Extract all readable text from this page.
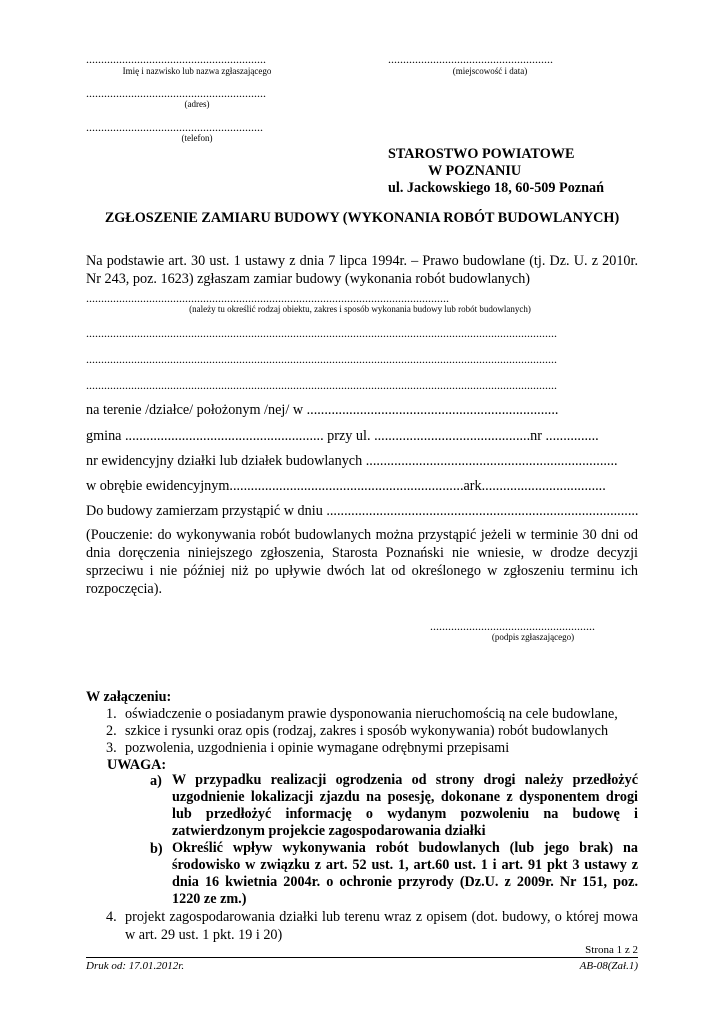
............................................................
Imię i nazwisko lub nazwa zgłaszającego
.......................................................
(miejscowość i data)
............................................................
(adres)
...........................................................
(telefon)
STAROSTWO POWIATOWE
W POZNANIU
ul. Jackowskiego 18, 60-509 Poznań
ZGŁOSZENIE ZAMIARU BUDOWY (WYKONANIA ROBÓT BUDOWLANYCH)
Na podstawie art. 30 ust. 1 ustawy z dnia 7 lipca 1994r. – Prawo budowlane (tj. Dz. U. z 2010r. Nr 243, poz. 1623) zgłaszam zamiar budowy (wykonania robót budowlanych)
.........................................................................................................................
(należy tu określić rodzaj obiektu, zakres i sposób wykonania budowy lub robót budowlanych)
.............................................................................................................................................................
.............................................................................................................................................................
.............................................................................................................................................................
na terenie /działce/ położonym /nej/ w .......................................................................
gmina ........................................................ przy ul. ............................................nr ...............
nr ewidencyjny działki lub działek budowlanych .......................................................................
w obrębie ewidencyjnym..................................................................ark...................................
Do budowy zamierzam przystąpić w dniu ........................................................................................
(Pouczenie: do wykonywania robót budowlanych można przystąpić jeżeli w terminie 30 dni od dnia doręczenia niniejszego zgłoszenia, Starosta Poznański nie wniesie, w drodze decyzji sprzeciwu i nie później niż po upływie dwóch lat od określonego w zgłoszeniu terminu ich rozpoczęcia).
.......................................................
(podpis zgłaszającego)
W załączeniu:
1. oświadczenie o posiadanym prawie dysponowania nieruchomością na cele budowlane,
2. szkice i rysunki oraz opis (rodzaj, zakres i sposób wykonywania) robót budowlanych
3. pozwolenia, uzgodnienia i opinie wymagane odrębnymi przepisami
UWAGA:
a) W przypadku realizacji ogrodzenia od strony drogi należy przedłożyć uzgodnienie lokalizacji zjazdu na posesję, dokonane z dysponentem drogi lub przedłożyć informację o wydanym pozwoleniu na budowę i zatwierdzonym projekcie zagospodarowania działki
b) Określić wpływ wykonywania robót budowlanych (lub jego brak) na środowisko w związku z art. 52 ust. 1, art.60 ust. 1 i art. 91 pkt 3 ustawy z dnia 16 kwietnia 2004r. o ochronie przyrody (Dz.U. z 2009r. Nr 151, poz. 1220 ze zm.)
4. projekt zagospodarowania działki lub terenu wraz z opisem (dot. budowy, o której mowa w art. 29 ust. 1 pkt. 19 i 20)
Strona 1 z 2
Druk od: 17.01.2012r.	AB-08(Zał.1)
